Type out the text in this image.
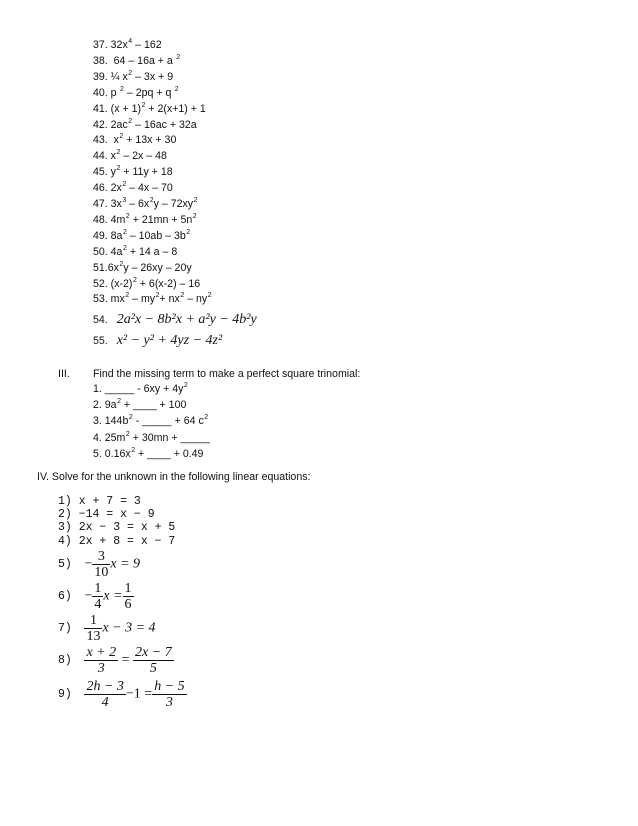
37. $32x^4 - 162$
38.  64 – 16a + a $^2$
39. ¼ $x^2 - 3x + 9$
40. p $^2$ – 2pq + q $^2$
41. $(x + 1)^2 + 2(x+1) + 1$
42. $2ac^2 - 16ac + 32a$
43.  $x^2 + 13x + 30$
44. $x^2 - 2x - 48$
45. $y^2 + 11y + 18$
46. $2x^2 - 4x - 70$
47. $3x^3 - 6x^2y - 72xy^2$
48. $4m^2 + 21mn + 5n^2$
49. $8a^2 - 10ab - 3b^2$
50. $4a^2 + 14$ a – 8
$51.6x^2y - 26xy - 20y$
52. $(x-2)^2 + 6(x-2) - 16$
53. $mx^2 - my^2+ nx^2 - ny^2$
54. 2a²x − 8b²x + a²y − 4b²y
55. x² − y² + 4yz − 4z²
III. Find the missing term to make a perfect square trinomial:
1. _____ - $6xy + 4y^2$
2. $9a^2$ + ____ + 100
3. $144b^2$ - _____ + 64 $c^2$
4. $25m^2 + 30mn$ + _____
5. $0.16x^2$ + ____ + 0.49
IV. Solve for the unknown in the following linear equations:
1) x + 7 = 3
2) −14 = x − 9
3) 2x − 3 = x + 5
4) 2x + 8 = x − 7
$5) - \frac{3}{10}$ x = 9
$6) - \frac{1}{4}$ $x = \frac{1}{6}$
$7) \frac{1}{13}$ x − 3 = 4
$8) \frac{x + 2}{3} = \frac{2x - 7}{5}$
$9) \frac{2h - 3}{4} -1 = \frac{h - 5}{3}$
